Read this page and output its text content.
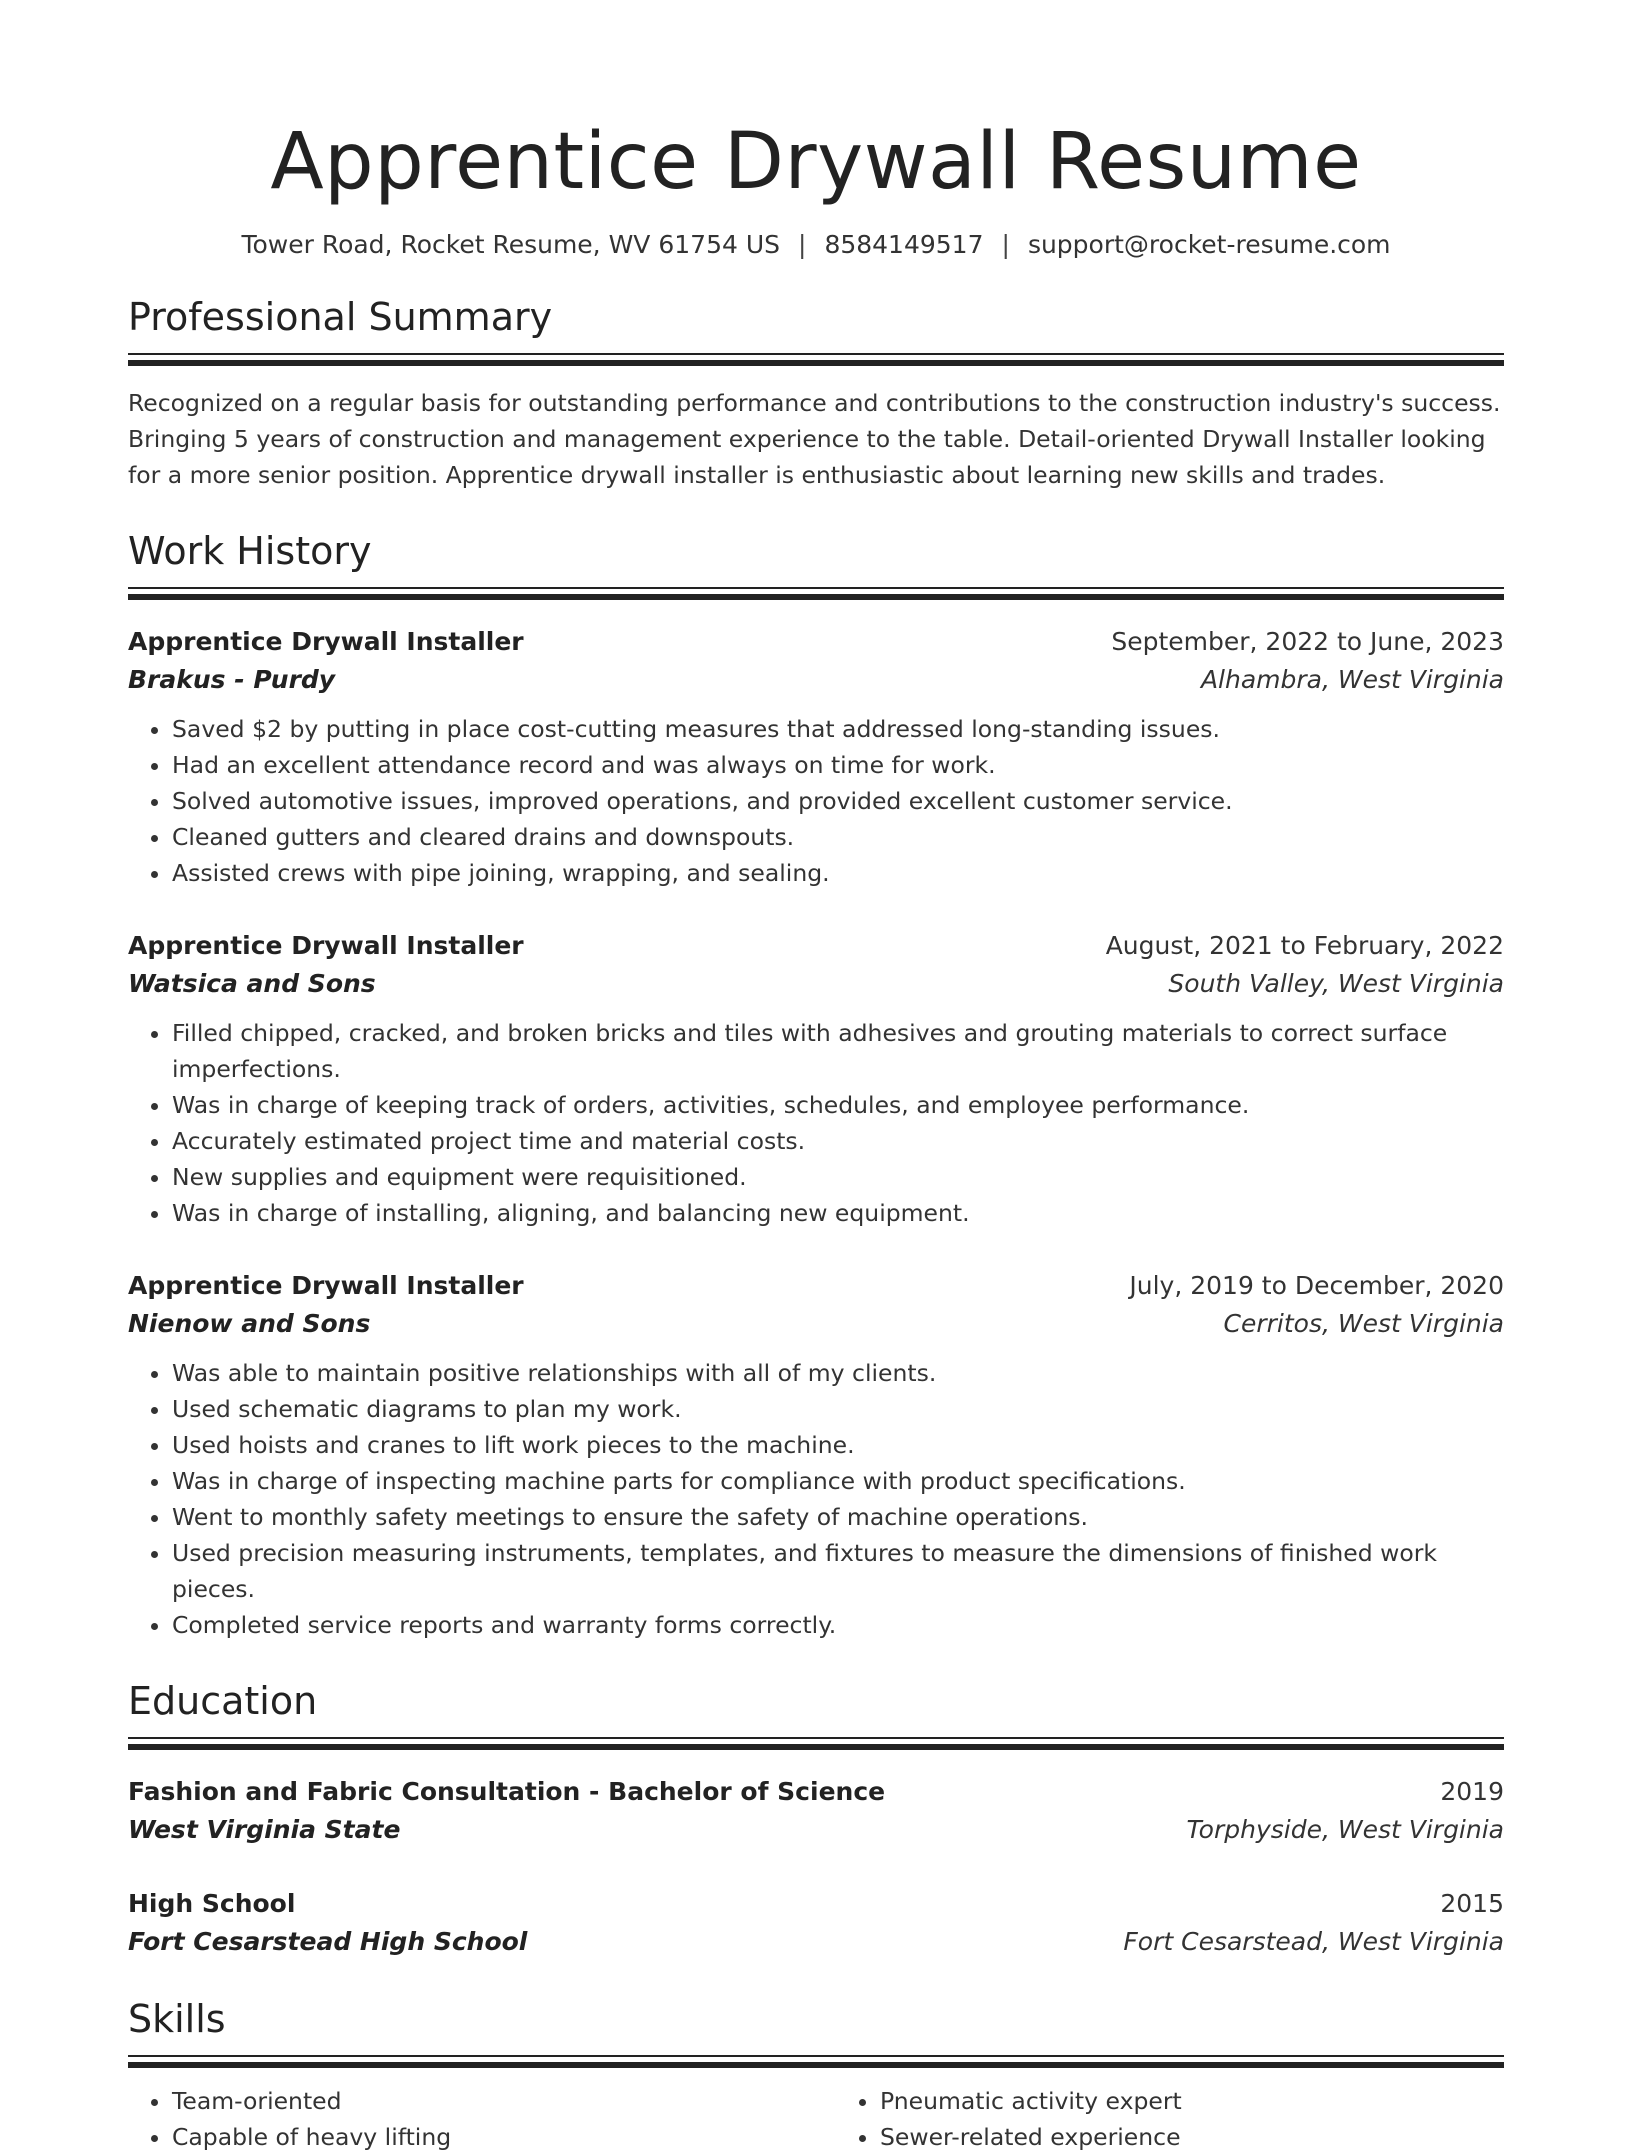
Apprentice Drywall Resume
Tower Road, Rocket Resume, WV 61754 US | 8584149517 | support@rocket-resume.com
Professional Summary

Recognized on a regular basis for outstanding performance and contributions to the construction industry's success. Bringing 5 years of construction and management experience to the table. Detail-oriented Drywall Installer looking for a more senior position. Apprentice drywall installer is enthusiastic about learning new skills and trades.

Work History
Apprentice Drywall Installer	September, 2022 to June, 2023
Brakus - Purdy	Alhambra, West Virginia
• Saved $2 by putting in place cost-cutting measures that addressed long-standing issues.
• Had an excellent attendance record and was always on time for work.
• Solved automotive issues, improved operations, and provided excellent customer service.
• Cleaned gutters and cleared drains and downspouts.
• Assisted crews with pipe joining, wrapping, and sealing.
Apprentice Drywall Installer	August, 2021 to February, 2022
Watsica and Sons	South Valley, West Virginia
• Filled chipped, cracked, and broken bricks and tiles with adhesives and grouting materials to correct surface imperfections.
• Was in charge of keeping track of orders, activities, schedules, and employee performance.
• Accurately estimated project time and material costs.
• New supplies and equipment were requisitioned.
• Was in charge of installing, aligning, and balancing new equipment.
Apprentice Drywall Installer	July, 2019 to December, 2020
Nienow and Sons	Cerritos, West Virginia
• Was able to maintain positive relationships with all of my clients.
• Used schematic diagrams to plan my work.
• Used hoists and cranes to lift work pieces to the machine.
• Was in charge of inspecting machine parts for compliance with product specifications.
• Went to monthly safety meetings to ensure the safety of machine operations.
• Used precision measuring instruments, templates, and fixtures to measure the dimensions of finished work pieces.
• Completed service reports and warranty forms correctly.
Education
Fashion and Fabric Consultation - Bachelor of Science	2019
West Virginia State	Torphyside, West Virginia
High School	2015
Fort Cesarstead High School	Fort Cesarstead, West Virginia
Skills
• Team-oriented
• Capable of heavy lifting
• Pneumatic activity expert
• Sewer-related experience
